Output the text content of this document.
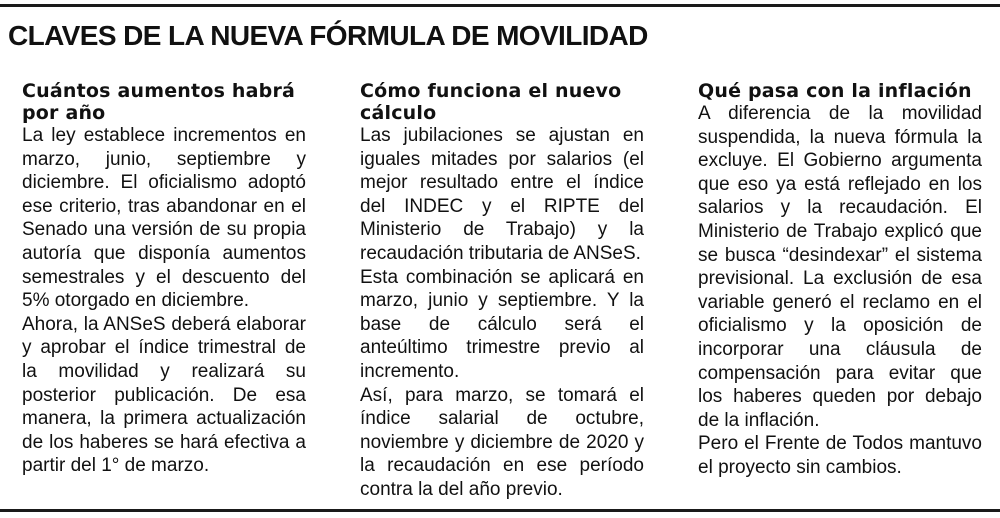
CLAVES DE LA NUEVA FÓRMULA DE MOVILIDAD
Cuántos aumentos habrá por año

La ley establece incrementos en marzo, junio, septiembre y diciembre. El oficialismo adoptó ese criterio, tras abandonar en el Senado una versión de su propia autoría que disponía aumentos semestrales y el descuento del 5% otorgado en diciembre.

Ahora, la ANSeS deberá elaborar y aprobar el índice trimestral de la movilidad y realizará su posterior publicación. De esa manera, la primera actualización de los haberes se hará efectiva a partir del 1° de marzo.

Cómo funciona el nuevo cálculo

Las jubilaciones se ajustan en iguales mitades por salarios (el mejor resultado entre el índice del INDEC y el RIPTE del Ministerio de Trabajo) y la recaudación tributaria de ANSeS.

Esta combinación se aplicará en marzo, junio y septiembre. Y la base de cálculo será el anteúltimo trimestre previo al incremento.

Así, para marzo, se tomará el índice salarial de octubre, noviembre y diciembre de 2020 y la recaudación en ese período contra la del año previo.

Qué pasa con la inflación

A diferencia de la movilidad suspendida, la nueva fórmula la excluye. El Gobierno argumenta que eso ya está reflejado en los salarios y la recaudación. El Ministerio de Trabajo explicó que se busca “desindexar” el sistema previsional. La exclusión de esa variable generó el reclamo en el oficialismo y la oposición de incorporar una cláusula de compensación para evitar que los haberes queden por debajo de la inflación.

Pero el Frente de Todos mantuvo el proyecto sin cambios.
